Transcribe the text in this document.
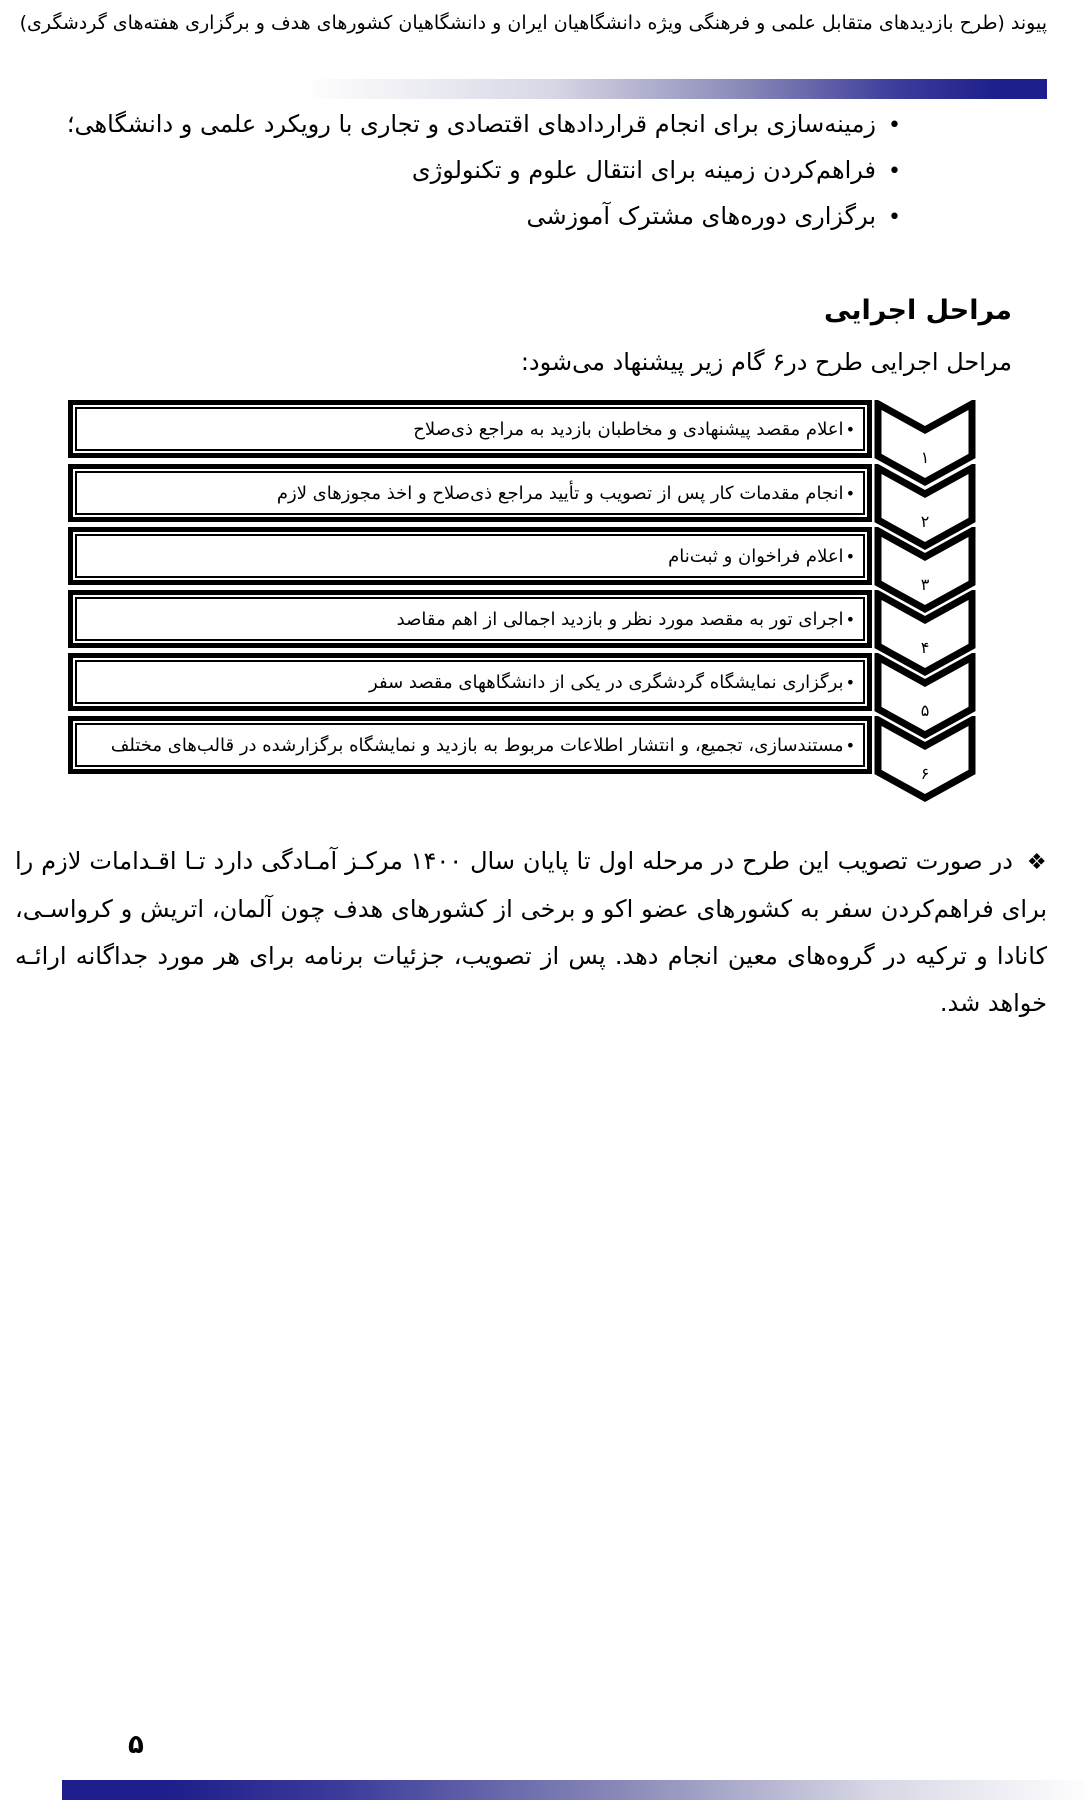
پیوند (طرح بازدیدهای متقابل علمی و فرهنگی ویژه دانشگاهیان ایران و دانشگاهیان کشورهای هدف و برگزاری هفته‌های گردشگری)
•
زمینه‌سازی برای انجام قراردادهای اقتصادی و تجاری با رویکرد علمی و دانشگاهی؛
•
فراهم‌کردن زمینه برای انتقال علوم و تکنولوژی
•
برگزاری دوره‌های مشترک آموزشی
مراحل اجرایی
مراحل اجرایی طرح در۶ گام زیر پیشنهاد می‌شود:
•
اعلام مقصد پیشنهادی و مخاطبان بازدید به مراجع ذی‌صلاح
۱
•
انجام مقدمات کار پس از تصویب و تأیید مراجع ذی‌صلاح و اخذ مجوزهای لازم
۲
•
اعلام فراخوان و ثبت‌نام
۳
•
اجرای تور به مقصد مورد نظر و بازدید اجمالی از اهم مقاصد
۴
•
برگزاری نمایشگاه گردشگری در یکی از دانشگاههای مقصد سفر
۵
•
مستندسازی، تجمیع، و انتشار اطلاعات مربوط به بازدید و نمایشگاه برگزارشده در قالب‌های مختلف
۶
❖ در صورت تصویب این طرح در مرحله اول تا پایان سال ۱۴۰۰ مرکـز آمـادگی دارد تـا اقـدامات لازم را برای فراهم‌کردن سفر به کشورهای عضو اکو و برخی از کشورهای هدف چون آلمان، اتریش و کرواسـی، کانادا و ترکیه در گروه‌های معین انجام دهد. پس از تصویب، جزئیات برنامه برای هر مورد جداگانه ارائـه خواهد شد.
۵
